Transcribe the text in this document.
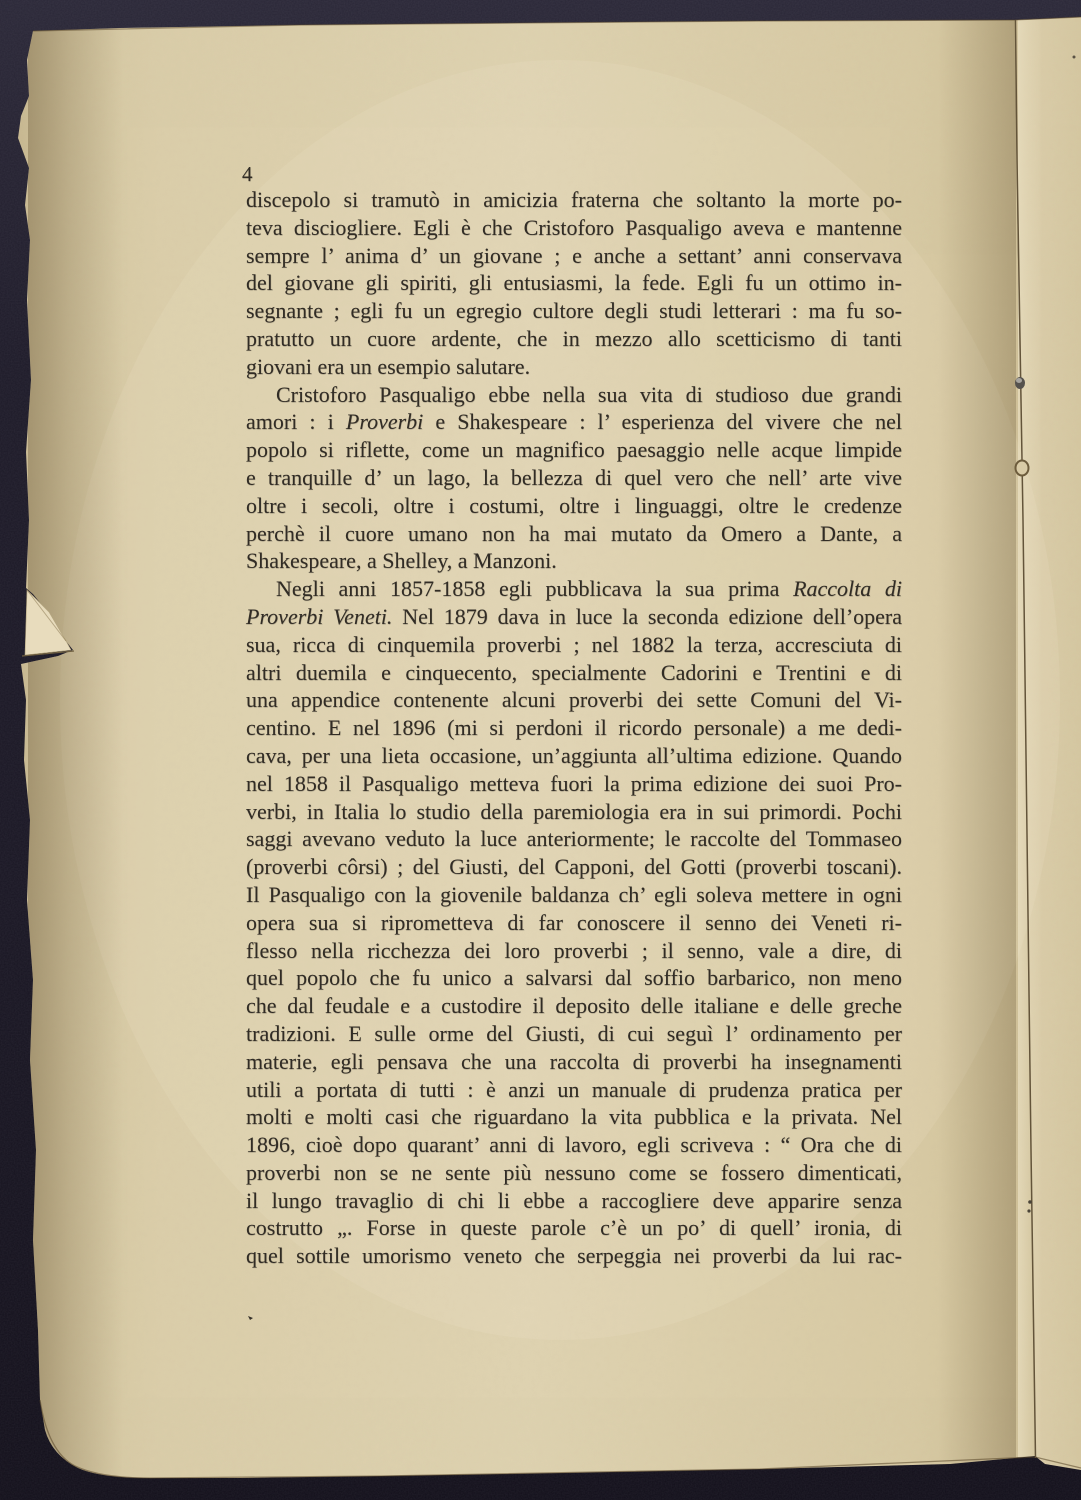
4
discepolo si tramutò in amicizia fraterna che soltanto la morte po-
teva disciogliere. Egli è che Cristoforo Pasqualigo aveva e mantenne
sempre l’ anima d’ un giovane ; e anche a settant’ anni conservava
del giovane gli spiriti, gli entusiasmi, la fede. Egli fu un ottimo in-
segnante ; egli fu un egregio cultore degli studi letterari : ma fu so-
pratutto un cuore ardente, che in mezzo allo scetticismo di tanti
giovani era un esempio salutare.
Cristoforo Pasqualigo ebbe nella sua vita di studioso due grandi
amori : i Proverbi e Shakespeare : l’ esperienza del vivere che nel
popolo si riflette, come un magnifico paesaggio nelle acque limpide
e tranquille d’ un lago, la bellezza di quel vero che nell’ arte vive
oltre i secoli, oltre i costumi, oltre i linguaggi, oltre le credenze
perchè il cuore umano non ha mai mutato da Omero a Dante, a
Shakespeare, a Shelley, a Manzoni.
Negli anni 1857-1858 egli pubblicava la sua prima Raccolta di
Proverbi Veneti. Nel 1879 dava in luce la seconda edizione dell’opera
sua, ricca di cinquemila proverbi ; nel 1882 la terza, accresciuta di
altri duemila e cinquecento, specialmente Cadorini e Trentini e di
una appendice contenente alcuni proverbi dei sette Comuni del Vi-
centino. E nel 1896 (mi si perdoni il ricordo personale) a me dedi-
cava, per una lieta occasione, un’aggiunta all’ultima edizione. Quando
nel 1858 il Pasqualigo metteva fuori la prima edizione dei suoi Pro-
verbi, in Italia lo studio della paremiologia era in sui primordi. Pochi
saggi avevano veduto la luce anteriormente; le raccolte del Tommaseo
(proverbi côrsi) ; del Giusti, del Capponi, del Gotti (proverbi toscani).
Il Pasqualigo con la giovenile baldanza ch’ egli soleva mettere in ogni
opera sua si riprometteva di far conoscere il senno dei Veneti ri-
flesso nella ricchezza dei loro proverbi ; il senno, vale a dire, di
quel popolo che fu unico a salvarsi dal soffio barbarico, non meno
che dal feudale e a custodire il deposito delle italiane e delle greche
tradizioni. E sulle orme del Giusti, di cui seguì l’ ordinamento per
materie, egli pensava che una raccolta di proverbi ha insegnamenti
utili a portata di tutti : è anzi un manuale di prudenza pratica per
molti e molti casi che riguardano la vita pubblica e la privata. Nel
1896, cioè dopo quarant’ anni di lavoro, egli scriveva : “ Ora che di
proverbi non se ne sente più nessuno come se fossero dimenticati,
il lungo travaglio di chi li ebbe a raccogliere deve apparire senza
costrutto „. Forse in queste parole c’è un po’ di quell’ ironia, di
quel sottile umorismo veneto che serpeggia nei proverbi da lui rac-
